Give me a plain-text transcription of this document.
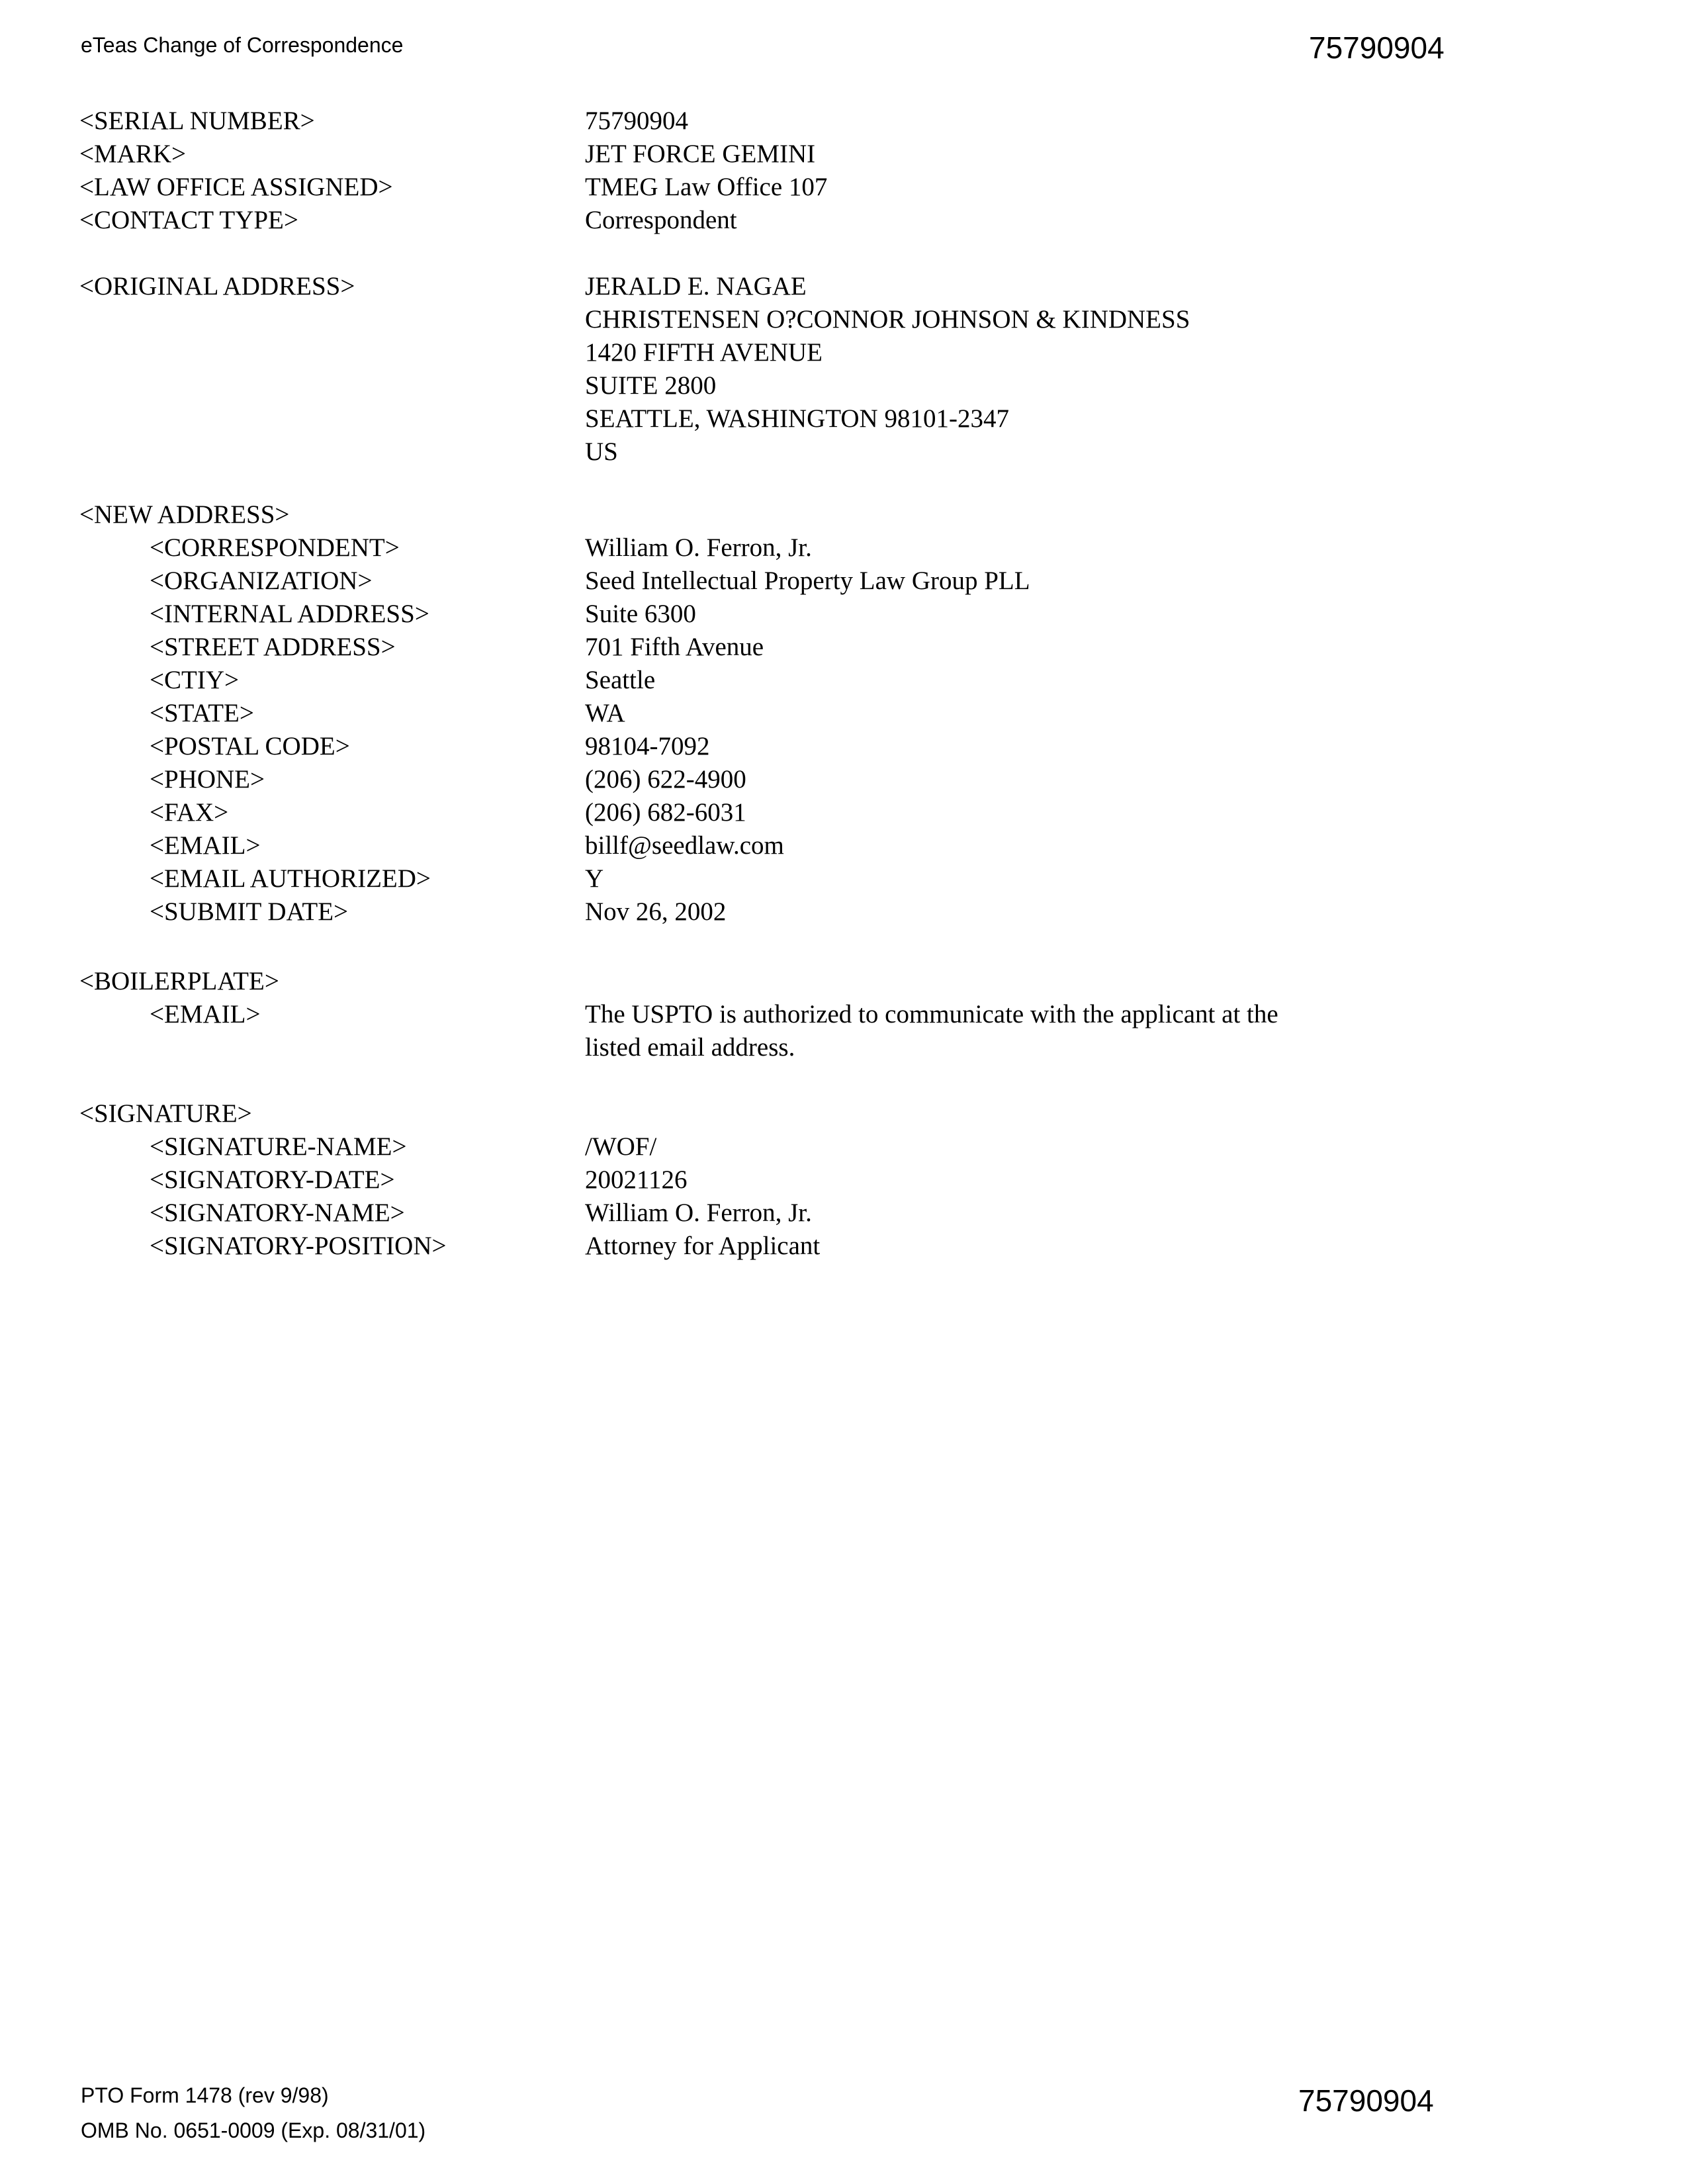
eTeas Change of Correspondence	75790904
<SERIAL NUMBER>	75790904
<MARK>	JET FORCE GEMINI
<LAW OFFICE ASSIGNED>	TMEG Law Office 107
<CONTACT TYPE>	Correspondent
<ORIGINAL ADDRESS>	JERALD E. NAGAE
CHRISTENSEN O?CONNOR JOHNSON & KINDNESS
1420 FIFTH AVENUE
SUITE 2800
SEATTLE, WASHINGTON 98101-2347
US
<NEW ADDRESS>
<CORRESPONDENT>	William O. Ferron, Jr.
<ORGANIZATION>	Seed Intellectual Property Law Group PLL
<INTERNAL ADDRESS>	Suite 6300
<STREET ADDRESS>	701 Fifth Avenue
<CTIY>	Seattle
<STATE>	WA
<POSTAL CODE>	98104-7092
<PHONE>	(206) 622-4900
<FAX>	(206) 682-6031
<EMAIL>	billf@seedlaw.com
<EMAIL AUTHORIZED>	Y
<SUBMIT DATE>	Nov 26, 2002
<BOILERPLATE>
<EMAIL>	The USPTO is authorized to communicate with the applicant at the
listed email address.
<SIGNATURE>
<SIGNATURE-NAME>	/WOF/
<SIGNATORY-DATE>	20021126
<SIGNATORY-NAME>	William O. Ferron, Jr.
<SIGNATORY-POSITION>	Attorney for Applicant
PTO Form 1478 (rev 9/98)
OMB No. 0651-0009 (Exp. 08/31/01)
75790904
